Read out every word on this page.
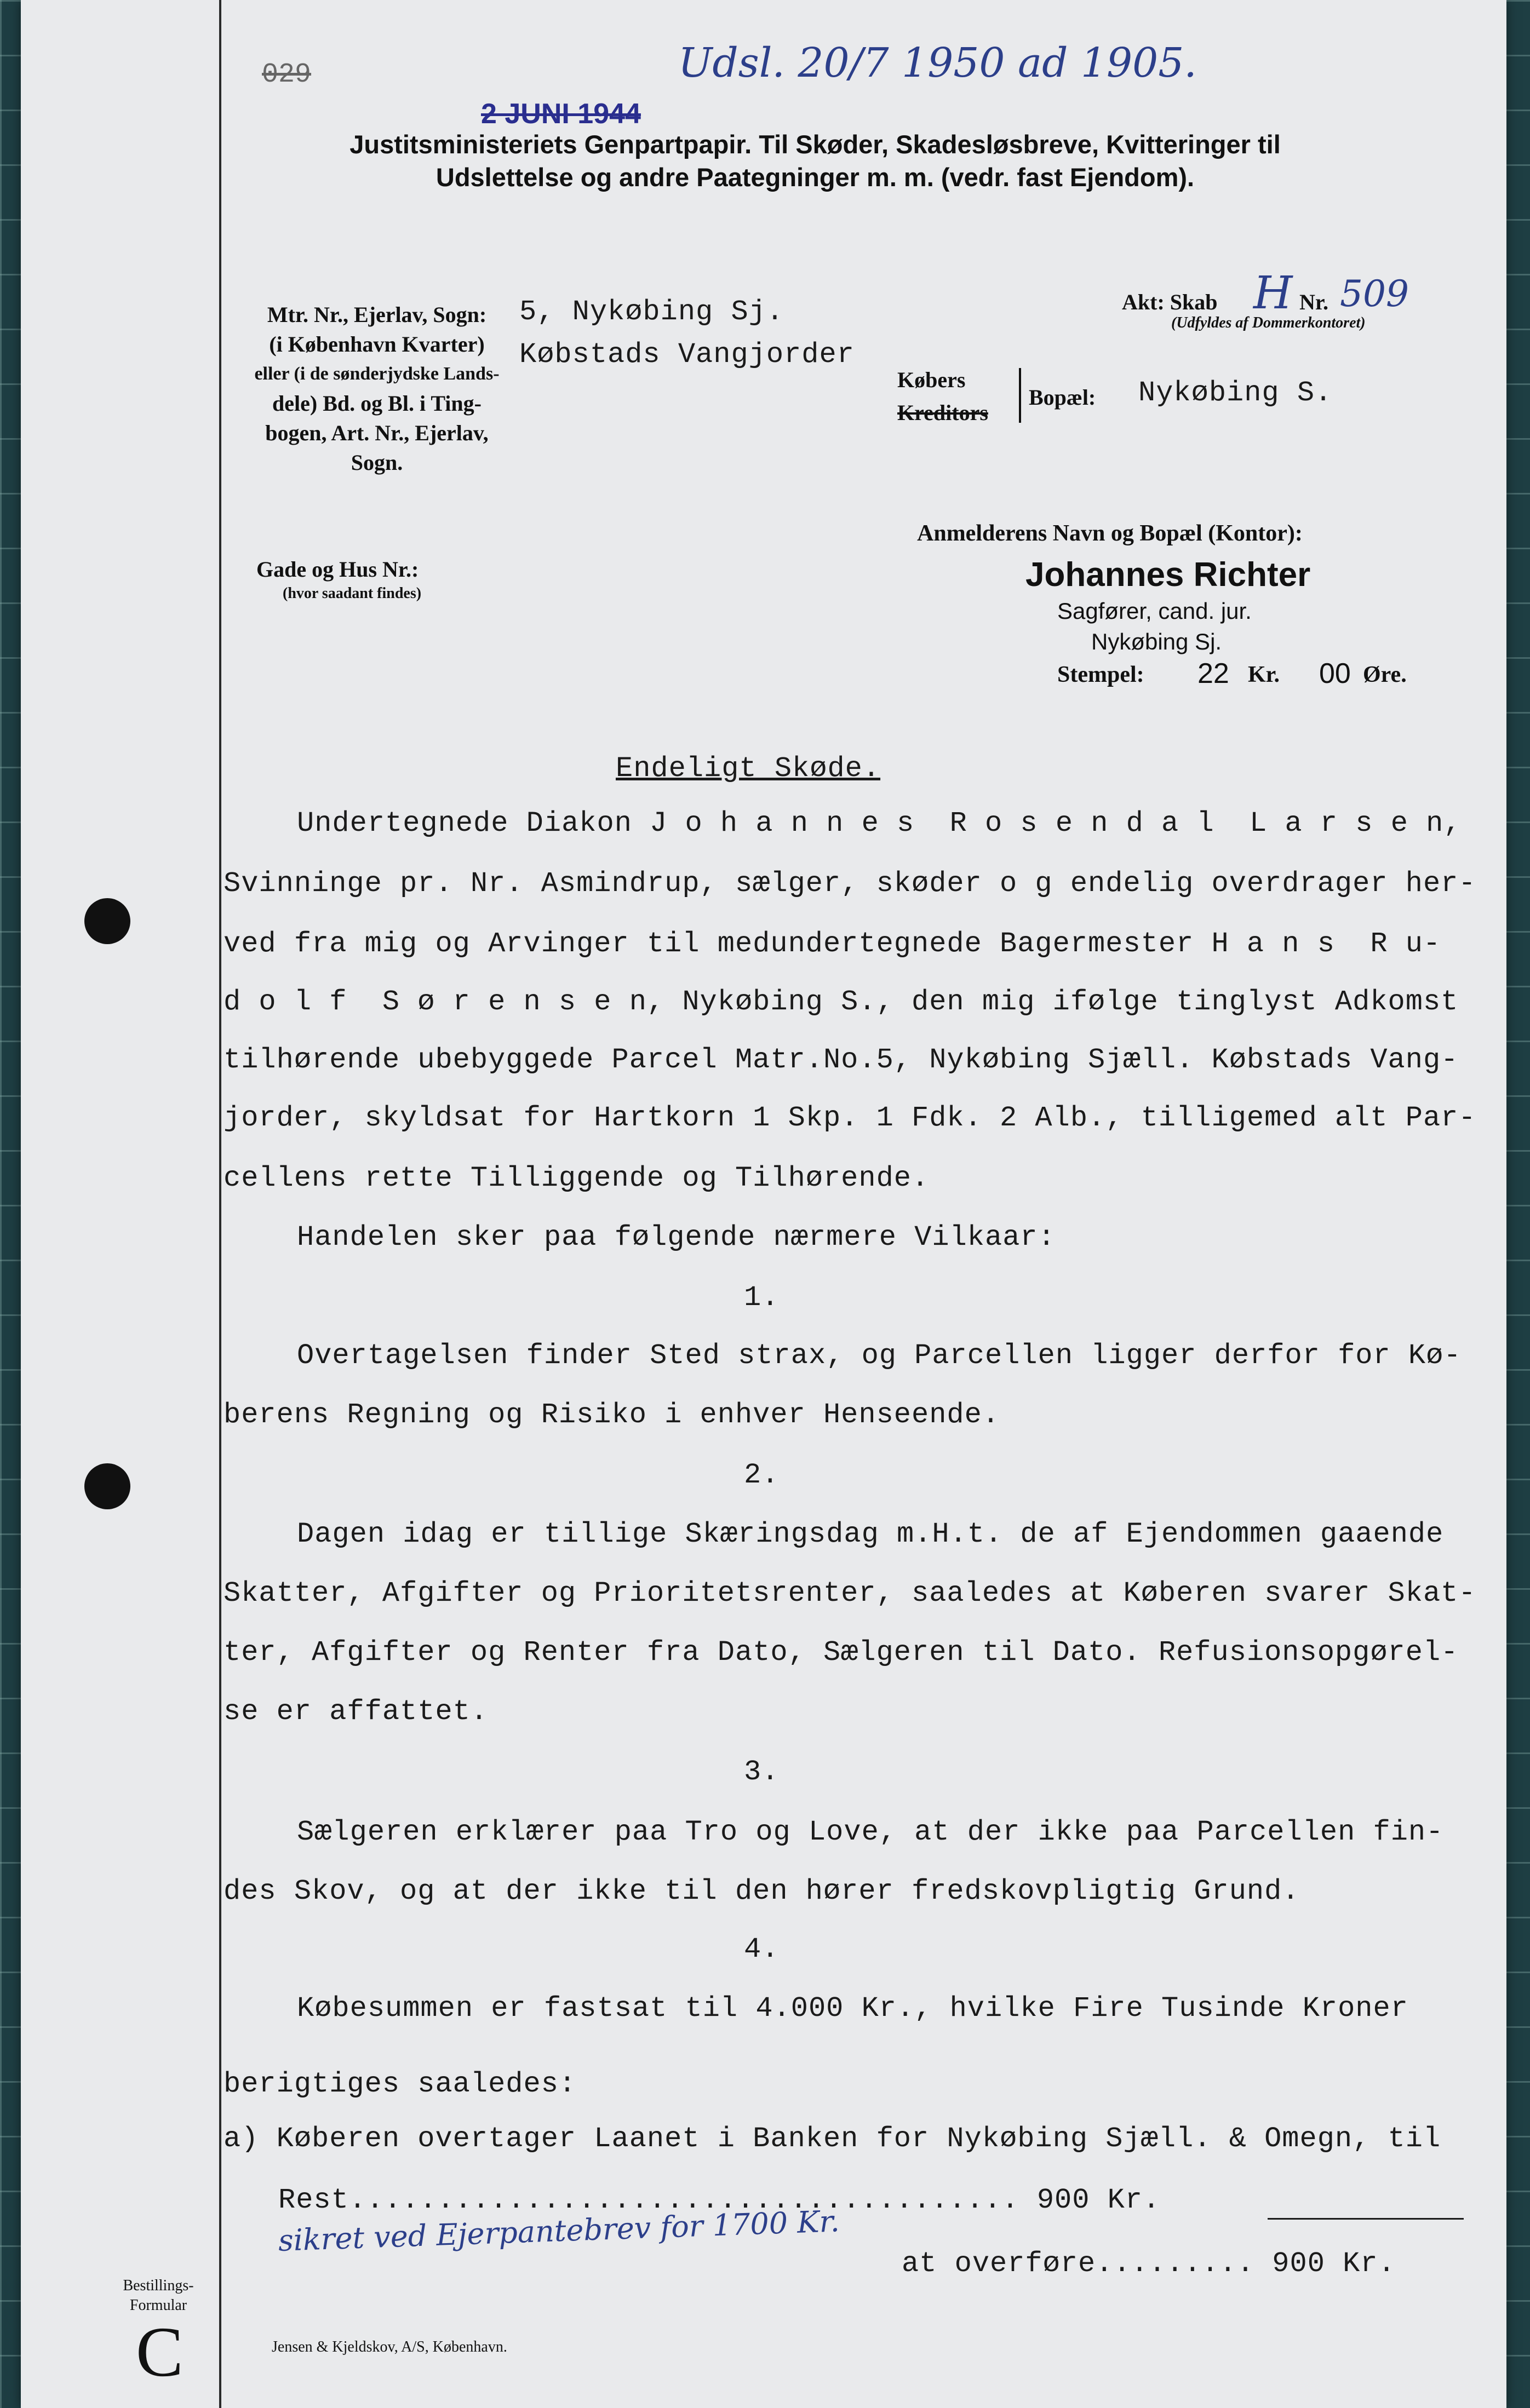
029	Udsl. 20/7 1950 ad 1905.
2 JUNI 1944
Justitsministeriets Genpartpapir. Til Skøder, Skadesløsbreve, Kvitteringer til
Udslettelse og andre Paategninger m. m. (vedr. fast Ejendom).
Mtr. Nr., Ejerlav, Sogn:
(i København Kvarter)
eller (i de sønderjydske Lands-
dele) Bd. og Bl. i Ting-
bogen, Art. Nr., Ejerlav,
Sogn.
5, Nykøbing Sj.
Købstads Vangjorder
Akt: Skab H Nr. 509
(Udfyldes af Dommerkontoret)
Købers
Kreditors
Bopæl: Nykøbing S.
Gade og Hus Nr.:
(hvor saadant findes)
Anmelderens Navn og Bopæl (Kontor):
Johannes Richter
Sagfører, cand. jur.
Nykøbing Sj.
Stempel: 22 Kr. 00 Øre.
Endeligt Skøde.
Undertegnede Diakon J o h a n n e s  R o s e n d a l  L a r s e n,
Svinninge pr. Nr. Asmindrup, sælger, skøder o g endelig overdrager her-
ved fra mig og Arvinger til medundertegnede Bagermester H a n s  R u-
d o l f  S ø r e n s e n, Nykøbing S., den mig ifølge tinglyst Adkomst
tilhørende ubebyggede Parcel Matr.No.5, Nykøbing Sjæll. Købstads Vang-
jorder, skyldsat for Hartkorn 1 Skp. 1 Fdk. 2 Alb., tilligemed alt Par-
cellens rette Tilliggende og Tilhørende.
Handelen sker paa følgende nærmere Vilkaar:
1.
Overtagelsen finder Sted strax, og Parcellen ligger derfor for Kø-
berens Regning og Risiko i enhver Henseende.
2.
Dagen idag er tillige Skæringsdag m.H.t. de af Ejendommen gaaende
Skatter, Afgifter og Prioritetsrenter, saaledes at Køberen svarer Skat-
ter, Afgifter og Renter fra Dato, Sælgeren til Dato. Refusionsopgørel-
se er affattet.
3.
Sælgeren erklærer paa Tro og Love, at der ikke paa Parcellen fin-
des Skov, og at der ikke til den hører fredskovpligtig Grund.
4.
Købesummen er fastsat til 4.000 Kr., hvilke Fire Tusinde Kroner
berigtiges saaledes:
a) Køberen overtager Laanet i Banken for Nykøbing Sjæll. & Omegn, til
Rest...................................... 900 Kr.
sikret ved Ejerpantebrev for 1700 Kr.
at overføre......... 900 Kr.
Bestillings-
Formular
C	Jensen & Kjeldskov, A/S, København.
